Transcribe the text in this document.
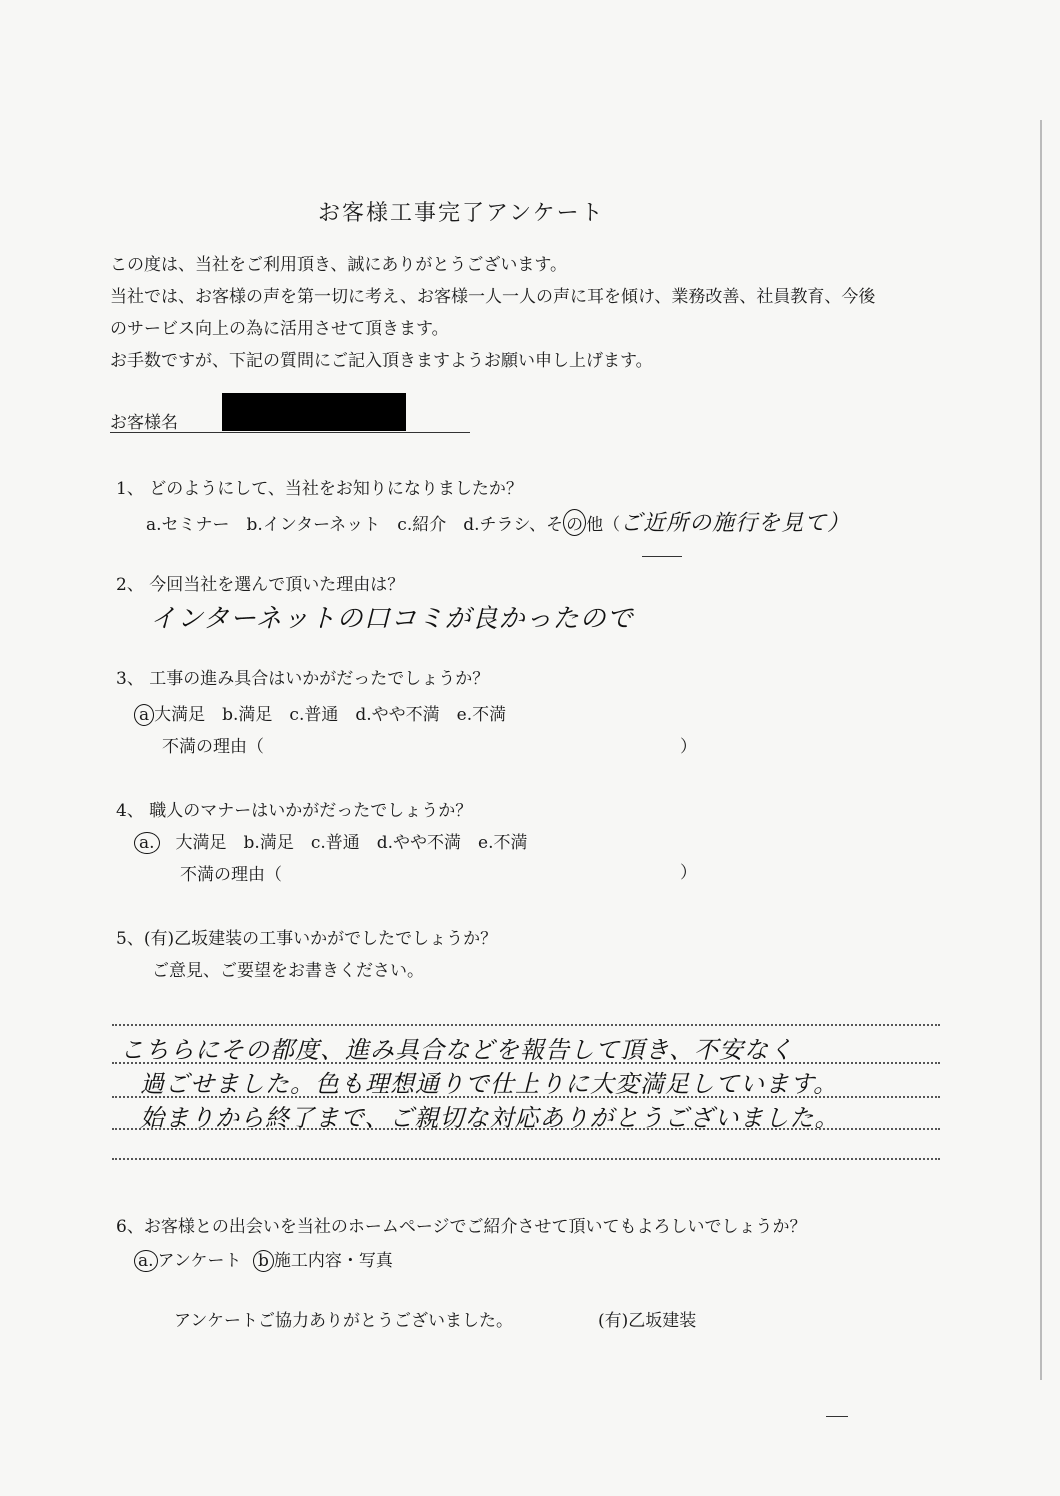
お客様工事完了アンケート
この度は、当社をご利用頂き、誠にありがとうございます。
当社では、お客様の声を第一切に考え、お客様一人一人の声に耳を傾け、業務改善、社員教育、今後
のサービス向上の為に活用させて頂きます。
お手数ですが、下記の質問にご記入頂きますようお願い申し上げます。
お客様名
1、 どのようにして、当社をお知りになりましたか？
a.セミナー　b.インターネット　c.紹介　d.チラシ、そ の 他（ご近所の施行を見て）
2、 今回当社を選んで頂いた理由は？
インターネットの口コミが良かったので
3、 工事の進み具合はいかがだったでしょうか？
a 大満足　b.満足　c.普通　d.やや不満　e.不満
不満の理由（	）
4、 職人のマナーはいかがだったでしょうか？
a. 大満足　b.満足　c.普通　d.やや不満　e.不満
不満の理由（	）
5、(有)乙坂建装の工事いかがでしたでしょうか？
ご意見、ご要望をお書きください。
こちらにその都度、進み具合などを報告して頂き、不安なく
過ごせました。色も理想通りで仕上りに大変満足しています。
始まりから終了まで、ご親切な対応ありがとうございました。
6、お客様との出会いを当社のホームページでご紹介させて頂いてもよろしいでしょうか？
a. アンケート b 施工内容・写真
アンケートご協力ありがとうございました。	(有)乙坂建装
